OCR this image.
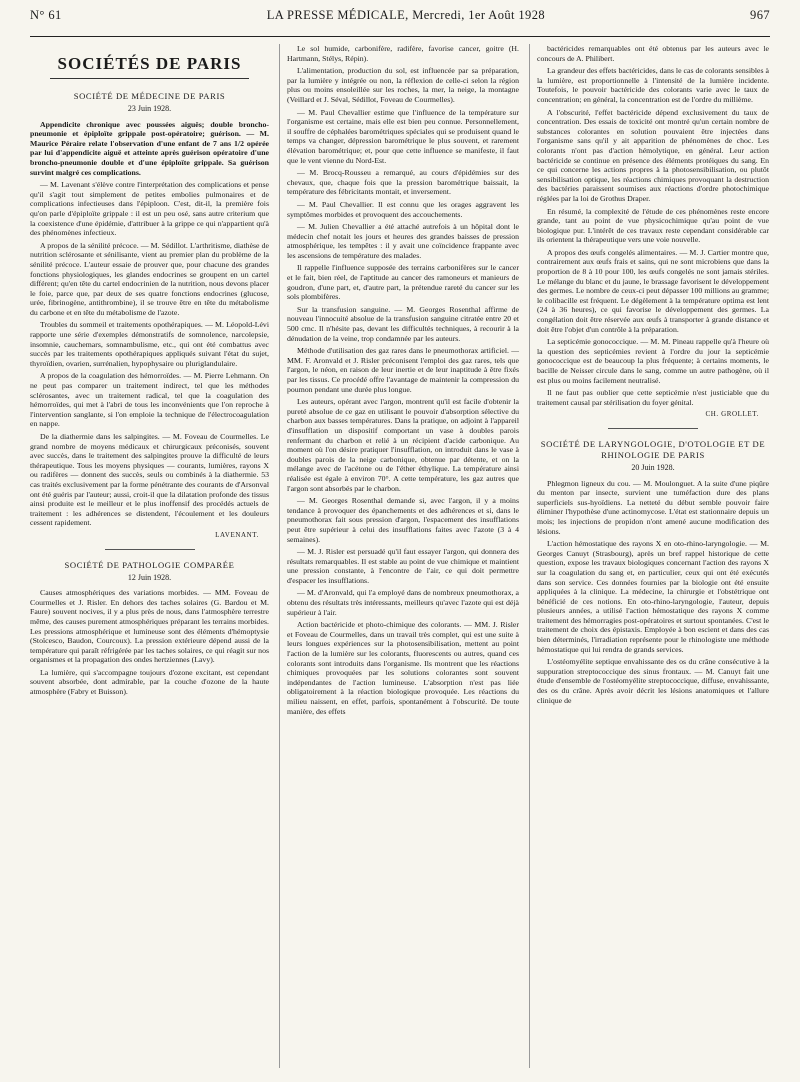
N° 61	LA PRESSE MÉDICALE, Mercredi, 1er Août 1928	967
SOCIÉTÉS DE PARIS
SOCIÉTÉ DE MÉDECINE DE PARIS
23 Juin 1928.

Appendicite chronique avec poussées aiguës; double broncho-pneumonie et épiploïte grippale post-opératoire; guérison. — M. Maurice Péraire relate l'observation d'une enfant de 7 ans 1/2 opérée par lui d'appendicite aiguë et atteinte après guérison opératoire d'une broncho-pneumonie double et d'une épiploïte grippale. Sa guérison survint malgré ces complications.

— M. Lavenant s'élève contre l'interprétation des complications et pense qu'il s'agit tout simplement de petites embolies pulmonaires et de complications infectieuses dans l'épiploon. C'est, dit-il, la première fois qu'on parle d'épiploïte grippale : il est un peu osé, sans autre criterium que la coexistence d'une épidémie, d'attribuer à la grippe ce qui n'appartient qu'à des phénomènes infectieux.

A propos de la sénilité précoce. — M. Sédillot. L'arthritisme, diathèse de nutrition sclérosante et sénilisante, vient au premier plan du problème de la sénilité précoce. L'auteur essaie de prouver que, pour chacune des grandes fonctions physiologiques, les glandes endocrines se groupent en un cartel différent; qu'en tête du cartel endocrinien de la nutrition, nous devons placer le foie, parce que, par deux de ses quatre fonctions endocrines (glucose, urée, fibrinogène, antithrombine), il se trouve être en tête du métabolisme du carbone et en tête du métabolisme de l'azote.

Troubles du sommeil et traitements opothérapiques. — M. Léopold-Lévi rapporte une série d'exemples démonstratifs de somnolence, narcolepsie, insomnie, cauchemars, somnambulisme, etc., qui ont été combattus avec succès par les traitements opothérapiques appliqués suivant l'état du sujet, thyroïdien, ovarien, surrénalien, hypophysaire ou pluriglandulaire.

A propos de la coagulation des hémorroïdes. — M. Pierre Lehmann. On ne peut pas comparer un traitement indirect, tel que les méthodes sclérosantes, avec un traitement radical, tel que la coagulation des hémorroïdes, qui met à l'abri de tous les inconvénients que l'on reproche à l'intervention sanglante, si l'on emploie la technique de l'électrocoagulation en nappe.

De la diathermie dans les salpingites. — M. Foveau de Courmelles. Le grand nombre de moyens médicaux et chirurgicaux préconisés, souvent avec succès, dans le traitement des salpingites prouve la difficulté de leurs thérapeutique. Tous les moyens physiques — courants, lumières, rayons X ou radifères — donnent des succès, seuls ou combinés à la diathermie. 53 cas traités exclusivement par la forme pénétrante des courants de d'Arsonval ont été guéris par l'auteur; aussi, croit-il que la dilatation profonde des tissus ainsi produite est le meilleur et le plus inoffensif des procédés actuels de traitement : les adhérences se distendent, l'écoulement et les douleurs cessent rapidement.

LAVENANT.
SOCIÉTÉ DE PATHOLOGIE COMPARÉE
12 Juin 1928.

Causes atmosphériques des variations morbides. — MM. Foveau de Courmelles et J. Risler. En dehors des taches solaires (G. Bardou et M. Faure) souvent nocives, il y a plus près de nous, dans l'atmosphère terrestre même, des causes purement atmosphériques préparant les terrains morbides. Les pressions atmosphérique et lumineuse sont des éléments d'hémoptysie (Stoïcesco, Baudon, Courcoux). La pression extérieure dépend aussi de la température qui paraît réfrigérée par les taches solaires, ce qui réagit sur nos organismes et la propagation des ondes hertziennes (Lavy).

La lumière, qui s'accompagne toujours d'ozone excitant, est cependant souvent absorbée, dont admirable, par la couche d'ozone de la haute atmosphère (Fabry et Buisson).

Le sol humide, carbonifère, radifère, favorise cancer, goitre (H. Hartmann, Stélys, Répin).

L'alimentation, production du sol, est influencée par sa préparation, par la lumière y intégrée ou non, la réflexion de celle-ci selon la région plus ou moins ensoleillée sur les roches, la mer, la neige, la montagne (Veillard et J. Séval, Sédillot, Foveau de Courmelles).

— M. Paul Chevallier estime que l'influence de la température sur l'organisme est certaine, mais elle est bien peu connue. Personnellement, il souffre de céphalées barométriques spéciales qui se produisent quand le temps va changer, dépression barométrique le plus souvent, et rarement élévation barométrique; et, pour que cette influence se manifeste, il faut que le vent vienne du Nord-Est.

— M. Brocq-Rousseu a remarqué, au cours d'épidémies sur des chevaux, que, chaque fois que la pression barométrique baissait, la température des fébricitants montait, et inversement.

— M. Paul Chevallier. Il est connu que les orages aggravent les symptômes morbides et provoquent des accouchements.

— M. Julien Chevallier a été attaché autrefois à un hôpital dont le médecin chef notait les jours et heures des grandes baisses de pression atmosphérique, les tempêtes : il y avait une coïncidence frappante avec les ascensions de température des malades.

Il rappelle l'influence supposée des terrains carbonifères sur le cancer et le fait, bien réel, de l'aptitude au cancer des ramoneurs et manieurs de goudron, d'une part, et, d'autre part, la prétendue rareté du cancer sur les sols plombifères.

Sur la transfusion sanguine. — M. Georges Rosenthal affirme de nouveau l'innocuité absolue de la transfusion sanguine citratée entre 20 et 500 cmc. Il n'hésite pas, devant les difficultés techniques, à recourir à la dénudation de la veine, trop condamnée par les auteurs.

Méthode d'utilisation des gaz rares dans le pneumothorax artificiel. — MM. F. Aronvald et J. Risler préconisent l'emploi des gaz rares, tels que l'argon, le néon, en raison de leur inertie et de leur inaptitude à être fixés par les tissus. Ce procédé offre l'avantage de maintenir la compression du poumon pendant une durée plus longue.

Les auteurs, opérant avec l'argon, montrent qu'il est facile d'obtenir la pureté absolue de ce gaz en utilisant le pouvoir d'absorption sélective du charbon aux basses températures. Dans la pratique, on adjoint à l'appareil d'insufflation un dispositif comportant un vase à doubles parois renfermant du charbon et relié à un récipient d'acide carbonique. Au moment où l'on désire pratiquer l'insufflation, on introduit dans le vase à doubles parois de la neige carbonique, obtenue par détente, et on la mélange avec de l'acétone ou de l'éther éthylique. La température ainsi réalisée est égale à environ 70°. A cette température, les gaz autres que l'argon sont absorbés par le charbon.

— M. Georges Rosenthal demande si, avec l'argon, il y a moins tendance à provoquer des épanchements et des adhérences et si, dans le pneumothorax fait sous pression d'argon, l'espacement des insufflations peut être supérieur à celui des insufflations faites avec l'azote (3 à 4 semaines).

— M. J. Risler est persuadé qu'il faut essayer l'argon, qui donnera des résultats remarquables. Il est stable au point de vue chimique et maintient une pression constante, à l'encontre de l'air, ce qui doit permettre d'espacer les insufflations.

— M. d'Aronvald, qui l'a employé dans de nombreux pneumothorax, a obtenu des résultats très intéressants, meilleurs qu'avec l'azote qui est déjà supérieur à l'air.

Action bactéricide et photo-chimique des colorants. — MM. J. Risler et Foveau de Courmelles, dans un travail très complet, qui est une suite à leurs longues expériences sur la photosensibilisation, mettent au point l'action de la lumière sur les colorants, fluorescents ou autres, quand ces colorants sont introduits dans l'organisme. Ils montrent que les réactions chimiques provoquées par les solutions colorantes sont souvent indépendantes de l'action lumineuse. L'absorption n'est pas liée obligatoirement à la réaction biologique provoquée. Les réactions du milieu naissent, en effet, parfois, spontanément à l'obscurité. De toute manière, des effets

bactéricides remarquables ont été obtenus par les auteurs avec le concours de A. Philibert.

La grandeur des effets bactéricides, dans le cas de colorants sensibles à la lumière, est proportionnelle à l'intensité de la lumière incidente. Toutefois, le pouvoir bactéricide des colorants varie avec le taux de concentration; en général, la concentration est de l'ordre du millième.

A l'obscurité, l'effet bactéricide dépend exclusivement du taux de concentration. Des essais de toxicité ont montré qu'un certain nombre de substances colorantes en solution pouvaient être injectées dans l'organisme sans qu'il y ait apparition de phénomènes de choc. Les colorants n'ont pas d'action hémolytique, en général. Leur action bactéricide se continue en présence des éléments protéiques du sang. En ce qui concerne les actions propres à la photosensibilisation, ou plutôt sensibilisation optique, les réactions chimiques provoquant la destruction des bactéries paraissent soumises aux réactions d'ordre photochimique réglées par la loi de Grothus Draper.

En résumé, la complexité de l'étude de ces phénomènes reste encore grande, tant au point de vue physicochimique qu'au point de vue biologique pur. L'intérêt de ces travaux reste cependant considérable car ils orientent la thérapeutique vers une voie nouvelle.

A propos des œufs congelés alimentaires. — M. J. Cartier montre que, contrairement aux œufs frais et sains, qui ne sont microbiens que dans la proportion de 8 à 10 pour 100, les œufs congelés ne sont jamais stériles. Le mélange du blanc et du jaune, le brassage favorisent le développement des germes. Le nombre de ceux-ci peut dépasser 100 millions au gramme; le colibacille est fréquent. Le dégèlement à la température optima est lent (24 à 36 heures), ce qui favorise le développement des germes. La congélation doit être réservée aux œufs à transporter à grande distance et doit être l'objet d'un contrôle à la préparation.

La septicémie gonococcique. — M. M. Pineau rappelle qu'à l'heure où la question des septicémies revient à l'ordre du jour la septicémie gonococcique est de beaucoup la plus fréquente; à certains moments, le bacille de Neisser circule dans le sang, comme un autre pathogène, où il est plus ou moins facilement neutralisé.

Il ne faut pas oublier que cette septicémie n'est justiciable que du traitement causal par stérilisation du foyer génital.

CH. GROLLET.
SOCIÉTÉ DE LARYNGOLOGIE, D'OTOLOGIE ET DE RHINOLOGIE DE PARIS
20 Juin 1928.

Phlegmon ligneux du cou. — M. Moulonguet. A la suite d'une piqûre du menton par insecte, survient une tuméfaction dure des plans superficiels sus-hyoïdiens. La netteté du début semble pouvoir faire éliminer l'hypothèse d'une actinomycose. L'état est stationnaire depuis un mois; les injections de propidon n'ont amené aucune modification des lésions.

L'action hémostatique des rayons X en oto-rhino-laryngologie. — M. Georges Canuyt (Strasbourg), après un bref rappel historique de cette question, expose les travaux biologiques concernant l'action des rayons X sur la coagulation du sang et, en particulier, ceux qui ont été exécutés dans son service. Ces données fournies par la biologie ont été ensuite appliquées à la clinique. La médecine, la chirurgie et l'obstétrique ont bénéficié de ces notions. En oto-rhino-laryngologie, l'auteur, depuis plusieurs années, a utilisé l'action hémostatique des rayons X comme traitement des hémorragies post-opératoires et surtout spontanées. C'est le traitement de choix des épistaxis. Employée à bon escient et dans des cas bien déterminés, l'irradiation représente pour le rhinologiste une méthode hémostatique qui lui rendra de grands services.

L'ostéomyélite septique envahissante des os du crâne consécutive à la suppuration streptococcique des sinus frontaux. — M. Canuyt fait une étude d'ensemble de l'ostéomyélite streptococcique, diffuse, envahissante, des os du crâne. Après avoir décrit les lésions anatomiques et l'allure clinique de
